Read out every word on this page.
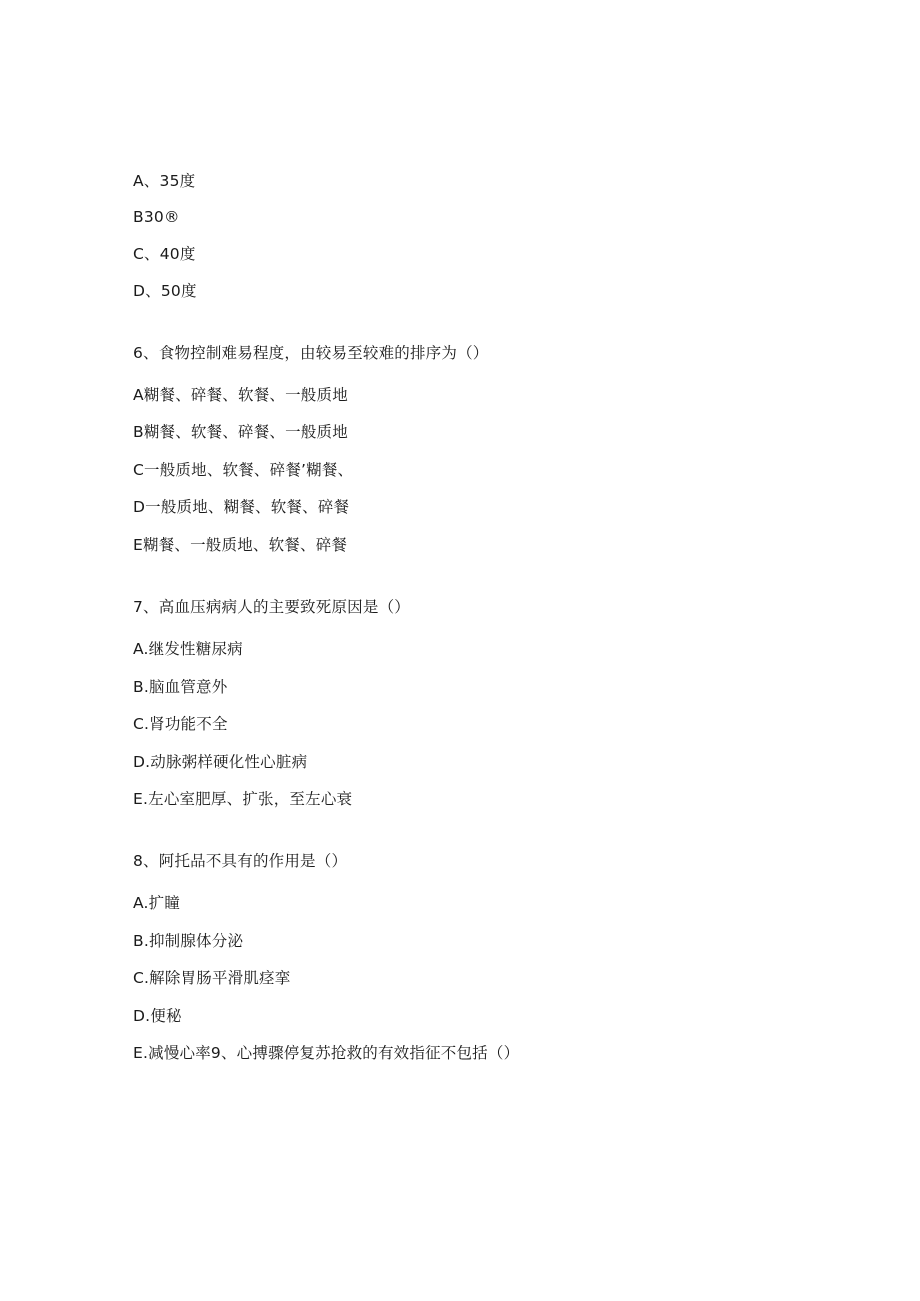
A、35度
B30®
C、40度
D、50度
6、食物控制难易程度，由较易至较难的排序为（）
A糊餐、碎餐、软餐、一般质地
B糊餐、软餐、碎餐、一般质地
C一般质地、软餐、碎餐’糊餐、
D一般质地、糊餐、软餐、碎餐
E糊餐、一般质地、软餐、碎餐
7、高血压病病人的主要致死原因是（）
A.继发性糖尿病
B.脑血管意外
C.肾功能不全
D.动脉粥样硬化性心脏病
E.左心室肥厚、扩张，至左心衰
8、阿托品不具有的作用是（）
A.扩瞳
B.抑制腺体分泌
C.解除胃肠平滑肌痉挛
D.便秘
E.减慢心率9、心搏骤停复苏抢救的有效指征不包括（）
